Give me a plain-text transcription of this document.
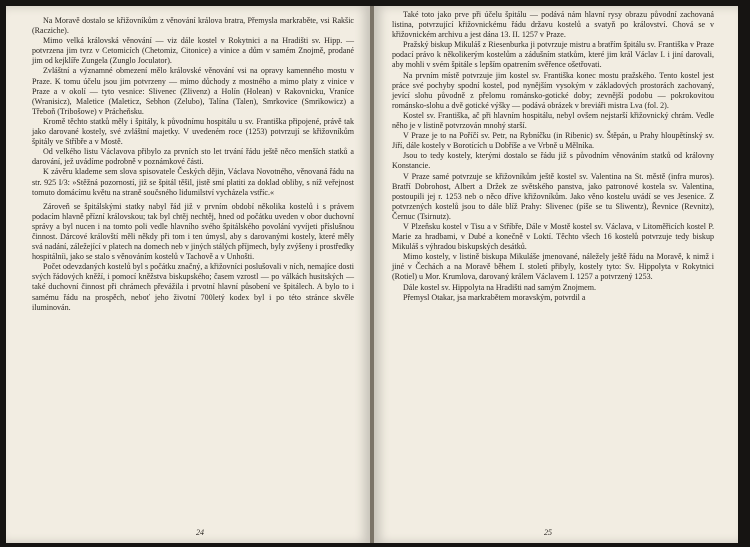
Na Moravě dostalo se křižovníkům z věnování králova bratra, Přemysla markraběte, vsi Rakšic (Racziche).

Mimo velká královská věnování — viz dále kostel v Rokytnici a na Hradišti sv. Hipp. — potvrzena jim tvrz v Cetomicích (Chetomiz, Citonice) a vinice a dům v samém Znojmě, prodané jim od kejklíře Zungela (Zunglo Joculator).

Zvláštní a významné obmezení mělo královské věnování vsi na opravy kamenného mostu v Praze. K tomu účelu jsou jim potvrzeny — mimo důchody z mostného a mimo platy z vinice v Praze a v okolí — tyto vesnice: Slivenec (Zlivenz) a Holín (Holean) v Rakovnicku, Vraníce (Wranisicz), Maletice (Maleticz, Sebhon (Zelubo), Talína (Talen), Smrkovice (Smrikowicz) a Třeboň (Tribošowe) v Prácheňsku.

Kromě těchto statků měly i špitály, k původnímu hospitálu u sv. Františka připojené, právě tak jako darované kostely, své zvláštní majetky. V uvedeném roce (1253) potvrzují se křižovníkům špitály ve Stříbře a v Mostě.

Od velkého listu Václavova přibylo za prvních sto let trvání řádu ještě něco menších statků a darování, jež uvádíme podrobně v poznámkové části.

K závěru klademe sem slova spisovatele Českých dějin, Václava Novotného, věnovaná řádu na str. 925 I/3: »Stěžná pozorností, již se špitál těšil, jistě smí platiti za doklad obliby, s níž veřejnost tomuto domácímu květu na straně součsného lidumilství vycházela vstříc.«

Zároveň se špitálskými statky nabyl řád již v prvním období několika kostelů i s právem podacím hlavně přízní královskou; tak byl chtěj nechtěj, hned od počátku uveden v obor duchovní správy a byl nucen i na tomto poli vedle hlavního svého špitálského povolání vyvíjeti příslušnou činnost. Dárcové královští měli někdy při tom i ten úmysl, aby s darovanými kostely, které měly svá nadání, záležející v platech na domech neb v jiných stálých příjmech, byly zvýšeny i prostředky hospitálníi, jako se stalo s věnováním kostelů v Tachově a v Unhošti.

Počet odevzdaných kostelů byl s počátku značný, a křižovníci poslušovali v ních, nemajíce dosti svých řádových kněží, i pomocí kněžstva biskupského; časem vzrostl — po válkách husitských — také duchovní činnost při chrámech převážila i prvotní hlavní působení ve špitálech. A bylo to i samému řádu na prospěch, neboť jeho životní 700letý kodex byl i po této stránce skvěle iluminován.

24

Také toto jako prve při účelu špitálu — podává nám hlavní rysy obrazu původní zachovaná listina, potvrzující křižovnickému řádu državu kostelů a svatyň po království. Chová se v křižovnickém archivu a jest dána 13. II. 1257 v Praze.

Pražský biskup Mikuláš z Riesenburka ji potvrzuje mistru a bratřím špitálu sv. Františka v Praze podací právo k několikerým kostelům a zádušním statkům, které jim král Václav I. i jiní darovali, aby mohli v svém špitále s lepším opatrením svěřence ošetřovati.

Na prvním místě potvrzuje jim kostel sv. Františka konec mostu pražského. Tento kostel jest práce své pochyby spodní kostel, pod nynějším vysokým v základových prostorách zachovaný, jevící slohu původně z přelomu románsko-gotické doby; zevnější podobu — pokrokovitou románsko-slohu a dvě gotické výšky — podává obrázek v breviáři mistra Lva (fol. 2).

Kostel sv. Františka, ač při hlavním hospitálu, nebyl ovšem nejstarší křižovnický chrám. Vedle něho je v listině potvrzován mnohý starší.

V Praze je to na Poříčí sv. Petr, na Rybníčku (in Ribenic) sv. Štěpán, u Prahy hloupětínský sv. Jiří, dále kostely v Borotících u Dobříše a ve Vrbně u Mělníka.

Jsou to tedy kostely, kterými dostalo se řádu již s původním věnováním statků od královny Konstancie.

V Praze samé potvrzuje se křižovníkům ještě kostel sv. Valentina na St. městě (infra muros). Bratří Dobrohost, Albert a Držek ze světského panstva, jako patronové kostela sv. Valentina, postoupili jej r. 1253 neb o něco dříve křižovníkům. Jako věno kostelu uvádí se ves Jesenice. Z potvrzených kostelů jsou to dále blíž Prahy: Slivenec (píše se tu Sliwentz), Řevnice (Revnitz), Černuc (Tsirnutz).

V Plzeňsku kostel v Tisu a v Stříbře, Dále v Mostě kostel sv. Václava, v Litoměřicích kostel P. Marie za hradbami, v Dubé a konečně v Loktí. Těchto všech 16 kostelů potvrzuje tedy biskup Mikuláš s výhradou biskupských desátků.

Mimo kostely, v listině biskupa Mikuláše jmenované, náležely ještě řádu na Moravě, k nimž i jiné v Čechách a na Moravě během I. století přibyly, kostely tyto: Sv. Hippolyta v Rokytnici (Rotiel) u Mor. Krumlova, darovaný králem Václavem I. 1257 a potvrzený 1253.

Dále kostel sv. Hippolyta na Hradišti nad samým Znojmem.

Přemysl Otakar, jsa markrabětem moravským, potvrdil a

25
